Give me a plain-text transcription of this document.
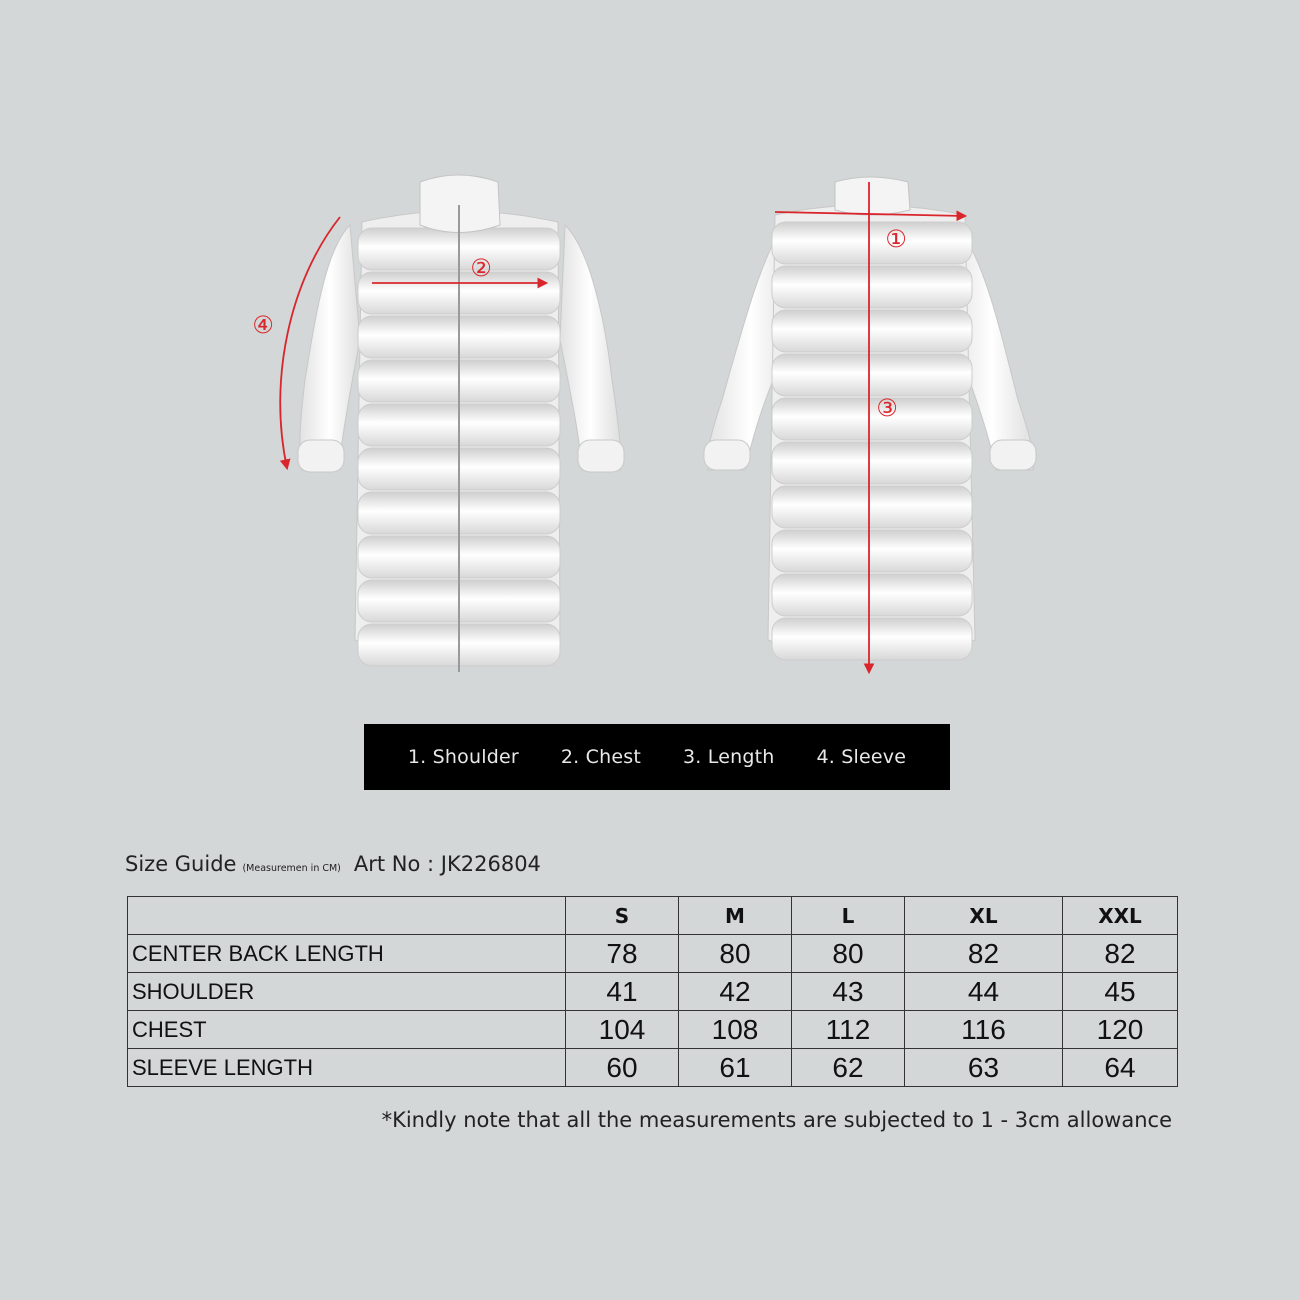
②
④
①
③
1. Shoulder 2. Chest 3. Length 4. Sleeve
Size Guide (Measuremen in CM) Art No : JK226804
	S	M	L	XL	XXL
CENTER BACK LENGTH	78	80	80	82	82
SHOULDER	41	42	43	44	45
CHEST	104	108	112	116	120
SLEEVE LENGTH	60	61	62	63	64
*Kindly note that all the measurements are subjected to 1 - 3cm allowance
